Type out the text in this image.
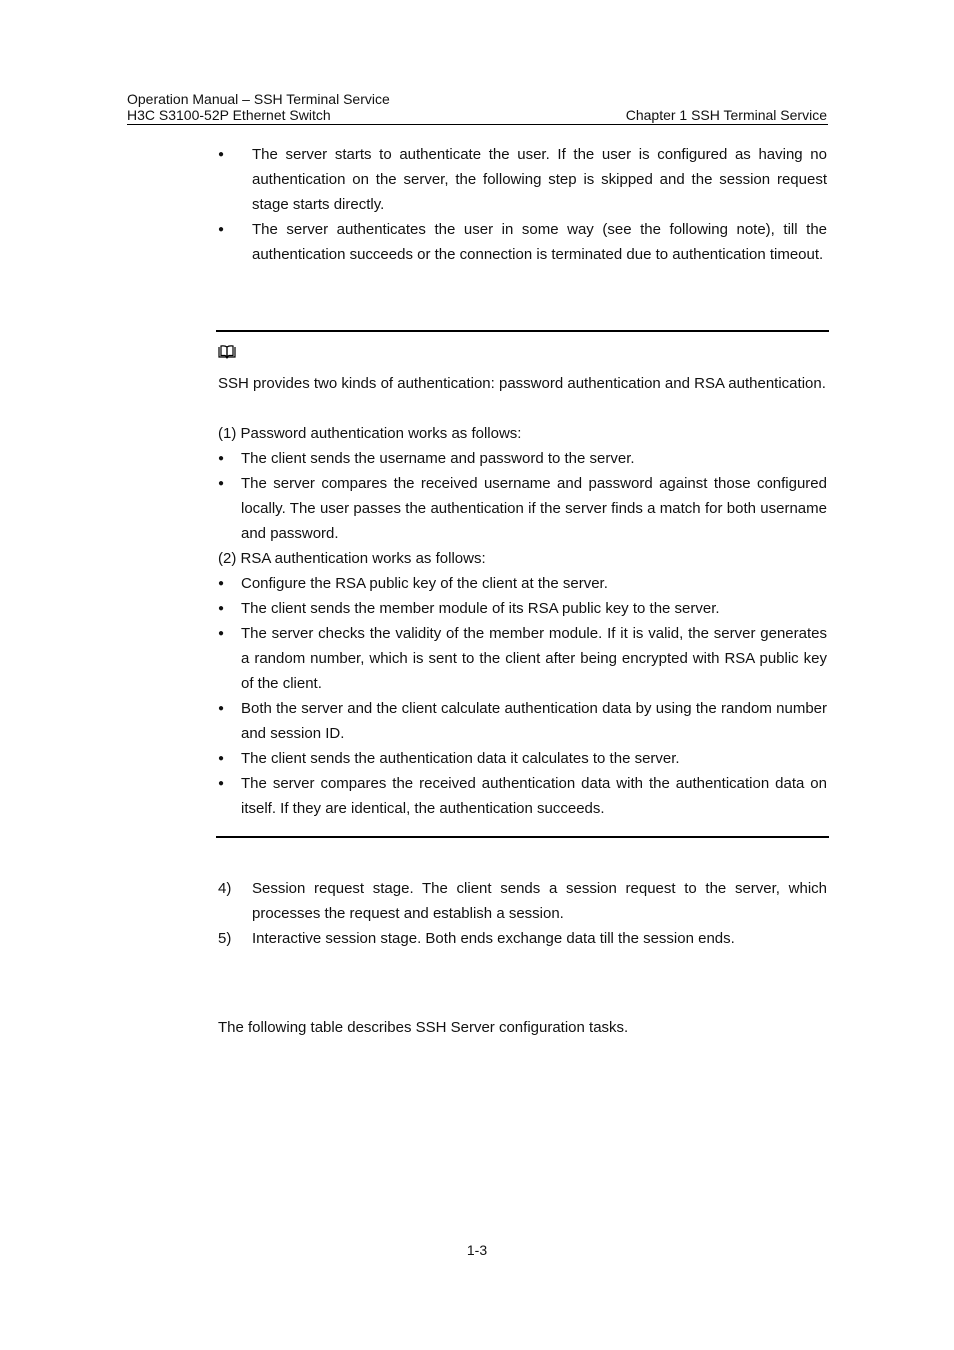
Operation Manual – SSH Terminal Service
H3C S3100-52P Ethernet Switch	Chapter 1 SSH Terminal Service
● The server starts to authenticate the user. If the user is configured as having no authentication on the server, the following step is skipped and the session request stage starts directly.
● The server authenticates the user in some way (see the following note), till the authentication succeeds or the connection is terminated due to authentication timeout.
SSH provides two kinds of authentication: password authentication and RSA authentication.
(1) Password authentication works as follows:
● The client sends the username and password to the server.
● The server compares the received username and password against those configured locally. The user passes the authentication if the server finds a match for both username and password.
(2) RSA authentication works as follows:
● Configure the RSA public key of the client at the server.
● The client sends the member module of its RSA public key to the server.
● The server checks the validity of the member module. If it is valid, the server generates a random number, which is sent to the client after being encrypted with RSA public key of the client.
● Both the server and the client calculate authentication data by using the random number and session ID.
● The client sends the authentication data it calculates to the server.
● The server compares the received authentication data with the authentication data on itself. If they are identical, the authentication succeeds.
4) Session request stage. The client sends a session request to the server, which processes the request and establish a session.
5) Interactive session stage. Both ends exchange data till the session ends.
The following table describes SSH Server configuration tasks.
1-3
